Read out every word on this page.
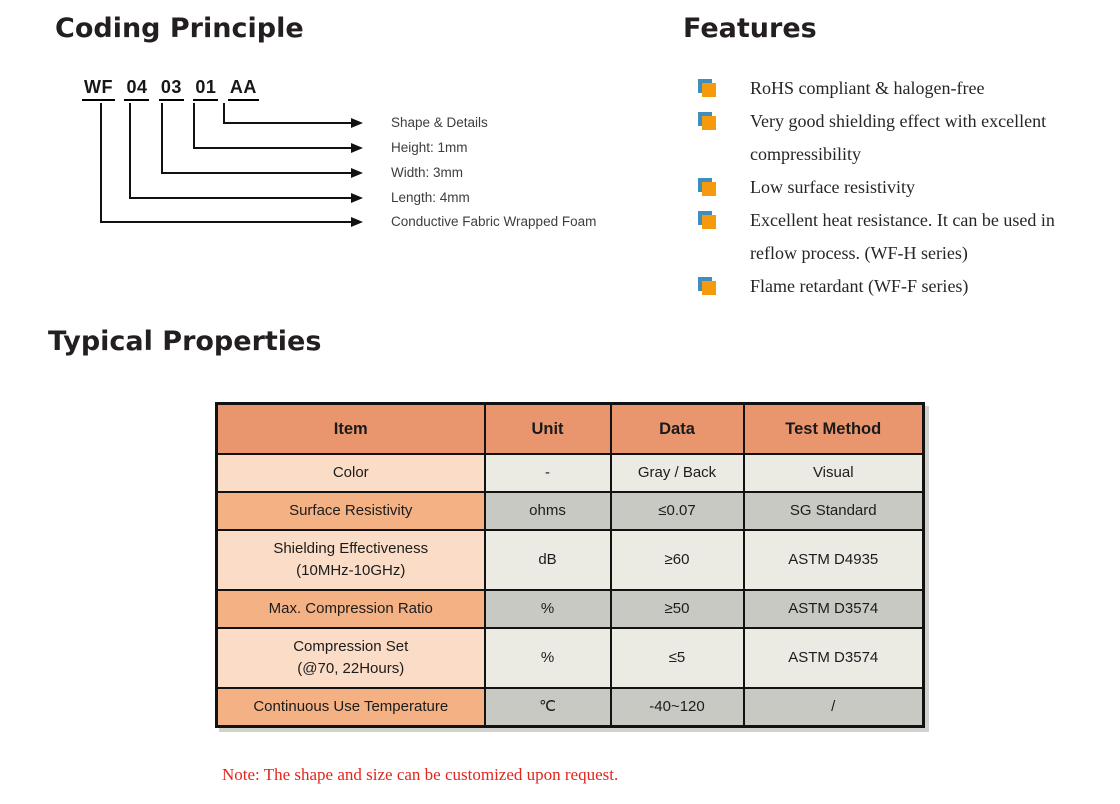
Coding Principle	Features
Typical Properties
WF 04 03 01 AA
Shape & Details
Height: 1mm
Width: 3mm
Length: 4mm
Conductive Fabric Wrapped Foam
RoHS compliant & halogen-free
Very good shielding effect with excellent compressibility
Low surface resistivity
Excellent heat resistance. It can be used in reflow process. (WF-H series)
Flame retardant (WF-F series)
Item	Unit	Data	Test Method

Color	-	Gray / Back	Visual

Surface Resistivity	ohms	≤0.07	SG Standard

Shielding Effectiveness
(10MHz-10GHz)	dB	≥60	ASTM D4935

Max. Compression Ratio	%	≥50	ASTM D3574

Compression Set
(@70, 22Hours)	%	≤5	ASTM D3574

Continuous Use Temperature	℃	-40~120	/
Note: The shape and size can be customized upon request.
